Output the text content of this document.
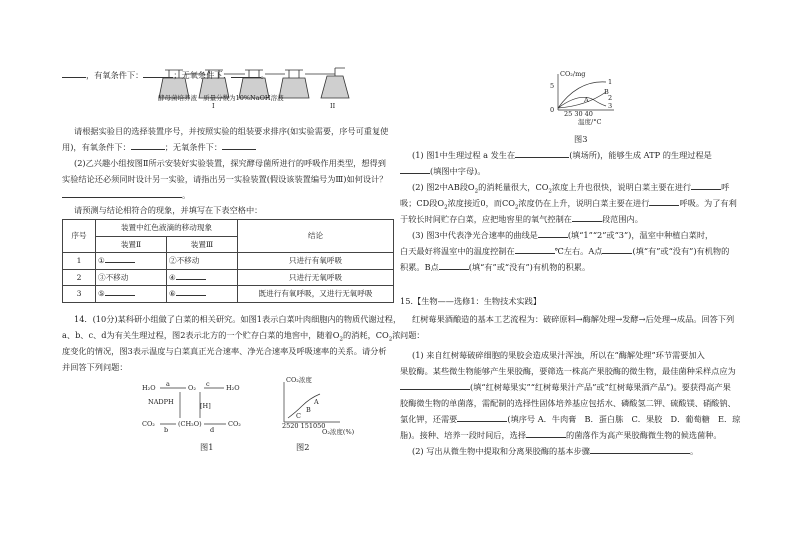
酵母菌培养液 质量分数为10%NaOH溶液
I	II
，有氧条件下：	；无氧条件下：	。
请根据实验目的选择装置序号，并按照实验的组装要求排序(如实验需要，序号可重复使
用)，有氧条件下：	；无氧条件下：
(2)乙兴趣小组按图Ⅱ所示安装好实验装置，探究酵母菌所进行的呼吸作用类型，想得到
实验结论还必须同时设计另一实验，请指出另一实验装置(假设该装置编号为Ⅲ)如何设计？
。
请预测与结论相符合的现象，并填写在下表空格中：
序号	装置中红色液滴的移动现象		结论
	装置Ⅱ	装置Ⅲ	
1	①	②不移动	只进行有氧呼吸
2	③不移动	④	只进行无氧呼吸
3	⑤	⑥	既进行有氧呼吸，又进行无氧呼吸
14．(10分)某科研小组做了白菜的相关研究。如图1表示白菜叶肉细胞内的物质代谢过程，
a、b、c、d为有关生理过程，图2表示北方的一个贮存白菜的地窖中，随着$O_2$的消耗，$CO_2$浓
度变化的情况，图3表示温度与白菜真正光合速率、净光合速率及呼吸速率的关系。请分析
并回答下列问题：
H₂O a	O₂ c	H₂O
NADPH	[H]
CO₂
b
(CH₂O)
d
CO₂
图1
CO₂浓度
A
B
C
2520 151050
O₂浓度(%)
图2
CO₂/mg
5	1
B
2
A
3
0 25 30 40
温度/°C
图3
(1) 图1中生理过程 a 发生在	(填场所)，能够生成 ATP 的生理过程是
(填图中字母)。
(2) 图2中AB段$O_2$的消耗量很大，$CO_2$浓度上升也很快，说明白菜主要在进行	呼
吸；CD段$O_2$浓度接近0，而$CO_2$浓度仍在上升，说明白菜主要在进行	呼吸。为了有利
于较长时间贮存白菜，应把地窖里的氧气控制在	段范围内。
(3) 图3中代表净光合速率的曲线是	(填“1”“2”或“3”)，温室中种植白菜时，
白天最好将温室中的温度控制在	℃左右。A点	(填“有”或“没有”)有机物的
积累。B点	(填“有”或“没有”)有机物的积累。
15.【生物——选修1：生物技术实践】
红树莓果酒酿造的基本工艺流程为：破碎原料→酶解处理→发酵→后处理→成品。回答下列
问题：
(1) 来自红树莓破碎细胞的果胶会造成果汁浑浊，所以在“酶解处理”环节需要加入
果胶酶。某些微生物能够产生果胶酶，要筛选一株高产果胶酶的微生物，最佳菌种采样点应为
(填“红树莓果实”“红树莓果汁产品”或“红树莓果酒产品”)。要获得高产果
胶酶微生物的单菌落，需配制的选择性固体培养基应包括水、磷酸氢二钾、硫酸镁、硝酸钠、
氯化钾，还需要	(填序号 A．牛肉膏　B．蛋白胨　C．果胶　D．葡萄糖　E．琼
脂)。接种、培养一段时间后，选择	的菌落作为高产果胶酶微生物的候选菌种。
(2) 写出从微生物中提取和分离果胶酶的基本步骤	。
